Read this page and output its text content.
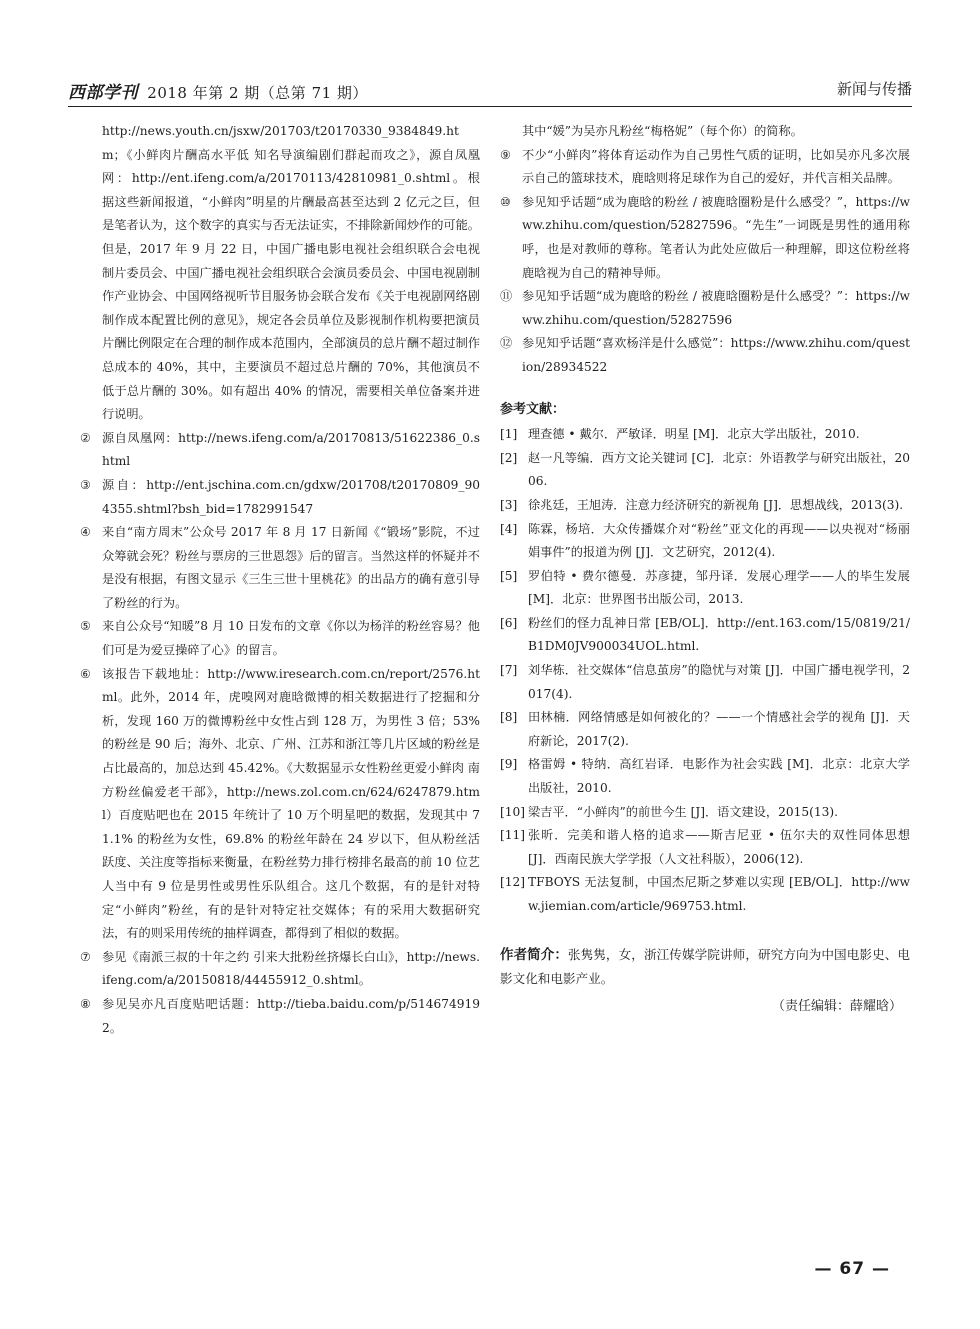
西部学刊 2018 年第 2 期（总第 71 期）	新闻与传播

http://news.youth.cn/jsxw/201703/t20170330_9384849.htm；《小鲜肉片酬高水平低 知名导演编剧们群起而攻之》，源自凤凰网：http://ent.ifeng.com/a/20170113/42810981_0.shtml。根据这些新闻报道，“小鲜肉”明星的片酬最高甚至达到 2 亿元之巨，但是笔者认为，这个数字的真实与否无法证实，不排除新闻炒作的可能。但是，2017 年 9 月 22 日，中国广播电影电视社会组织联合会电视制片委员会、中国广播电视社会组织联合会演员委员会、中国电视剧制作产业协会、中国网络视听节目服务协会联合发布《关于电视剧网络剧制作成本配置比例的意见》，规定各会员单位及影视制作机构要把演员片酬比例限定在合理的制作成本范围内，全部演员的总片酬不超过制作总成本的 40%，其中，主要演员不超过总片酬的 70%，其他演员不低于总片酬的 30%。如有超出 40% 的情况，需要相关单位备案并进行说明。

② 源自凤凰网：http://news.ifeng.com/a/20170813/51622386_0.shtml

③ 源自：http://ent.jschina.com.cn/gdxw/201708/t20170809_904355.shtml?bsh_bid=1782991547

④ 来自“南方周末”公众号 2017 年 8 月 17 日新闻《“锻场”影院，不过众筹就会死？粉丝与票房的三世恩怨》后的留言。当然这样的怀疑并不是没有根据，有图文显示《三生三世十里桃花》的出品方的确有意引导了粉丝的行为。

⑤ 来自公众号“知暖”8 月 10 日发布的文章《你以为杨洋的粉丝容易？他们可是为爱豆操碎了心》的留言。

⑥ 该报告下载地址：http://www.iresearch.com.cn/report/2576.html。此外，2014 年，虎嗅网对鹿晗微博的相关数据进行了挖掘和分析，发现 160 万的微博粉丝中女性占到 128 万，为男性 3 倍；53% 的粉丝是 90 后；海外、北京、广州、江苏和浙江等几片区域的粉丝是占比最高的，加总达到 45.42%。《大数据显示女性粉丝更爱小鲜肉 南方粉丝偏爱老干部》，http://news.zol.com.cn/624/6247879.html）百度贴吧也在 2015 年统计了 10 万个明星吧的数据，发现其中 71.1% 的粉丝为女性，69.8% 的粉丝年龄在 24 岁以下，但从粉丝活跃度、关注度等指标来衡量，在粉丝势力排行榜排名最高的前 10 位艺人当中有 9 位是男性或男性乐队组合。这几个数据，有的是针对特定“小鲜肉”粉丝，有的是针对特定社交媒体；有的采用大数据研究法，有的则采用传统的抽样调查，都得到了相似的数据。

⑦ 参见《南派三叔的十年之约 引来大批粉丝挤爆长白山》，http://news.ifeng.com/a/20150818/44455912_0.shtml。

⑧ 参见吴亦凡百度贴吧话题：http://tieba.baidu.com/p/5146749192。

其中“媛”为吴亦凡粉丝“梅格妮”（每个你）的简称。

⑨ 不少“小鲜肉”将体育运动作为自己男性气质的证明，比如吴亦凡多次展示自己的篮球技术，鹿晗则将足球作为自己的爱好，并代言相关品牌。

⑩ 参见知乎话题“成为鹿晗的粉丝 / 被鹿晗圈粉是什么感受？”，https://www.zhihu.com/question/52827596。“先生”一词既是男性的通用称呼，也是对教师的尊称。笔者认为此处应做后一种理解，即这位粉丝将鹿晗视为自己的精神导师。

⑪ 参见知乎话题“成为鹿晗的粉丝 / 被鹿晗圈粉是什么感受？”：https://www.zhihu.com/question/52827596

⑫ 参见知乎话题“喜欢杨洋是什么感觉”：https://www.zhihu.com/question/28934522

参考文献：

[1] 理查德 • 戴尔．严敏译．明星 [M]．北京大学出版社，2010.

[2] 赵一凡等编．西方文论关键词 [C]．北京：外语教学与研究出版社，2006.

[3] 徐兆廷，王旭涛．注意力经济研究的新视角 [J]．思想战线，2013(3).

[4] 陈霖，杨培．大众传播媒介对“粉丝”亚文化的再现——以央视对“杨丽娟事件”的报道为例 [J]．文艺研究，2012(4).

[5] 罗伯特 • 费尔德曼．苏彦捷，邹丹译．发展心理学——人的毕生发展 [M]．北京：世界图书出版公司，2013.

[6] 粉丝们的怪力乱神日常 [EB/OL]．http://ent.163.com/15/0819/21/B1DM0JV900034UOL.html.

[7] 刘华栋．社交媒体“信息茧房”的隐忧与对策 [J]．中国广播电视学刊，2017(4).

[8] 田林楠．网络情感是如何被化的？——一个情感社会学的视角 [J]．天府新论，2017(2).

[9] 格雷姆 • 特纳．高红岩译．电影作为社会实践 [M]．北京：北京大学出版社，2010.

[10] 梁吉平．“小鲜肉”的前世今生 [J]．语文建设，2015(13).

[11] 张昕．完美和谐人格的追求——斯吉尼亚 • 伍尔夫的双性同体思想 [J]．西南民族大学学报（人文社科版），2006(12).

[12] TFBOYS 无法复制，中国杰尼斯之梦难以实现 [EB/OL]．http://www.jiemian.com/article/969753.html.

作者简介：张隽隽，女，浙江传媒学院讲师，研究方向为中国电影史、电影文化和电影产业。
（责任编辑：薛耀晗）
— 67 —
